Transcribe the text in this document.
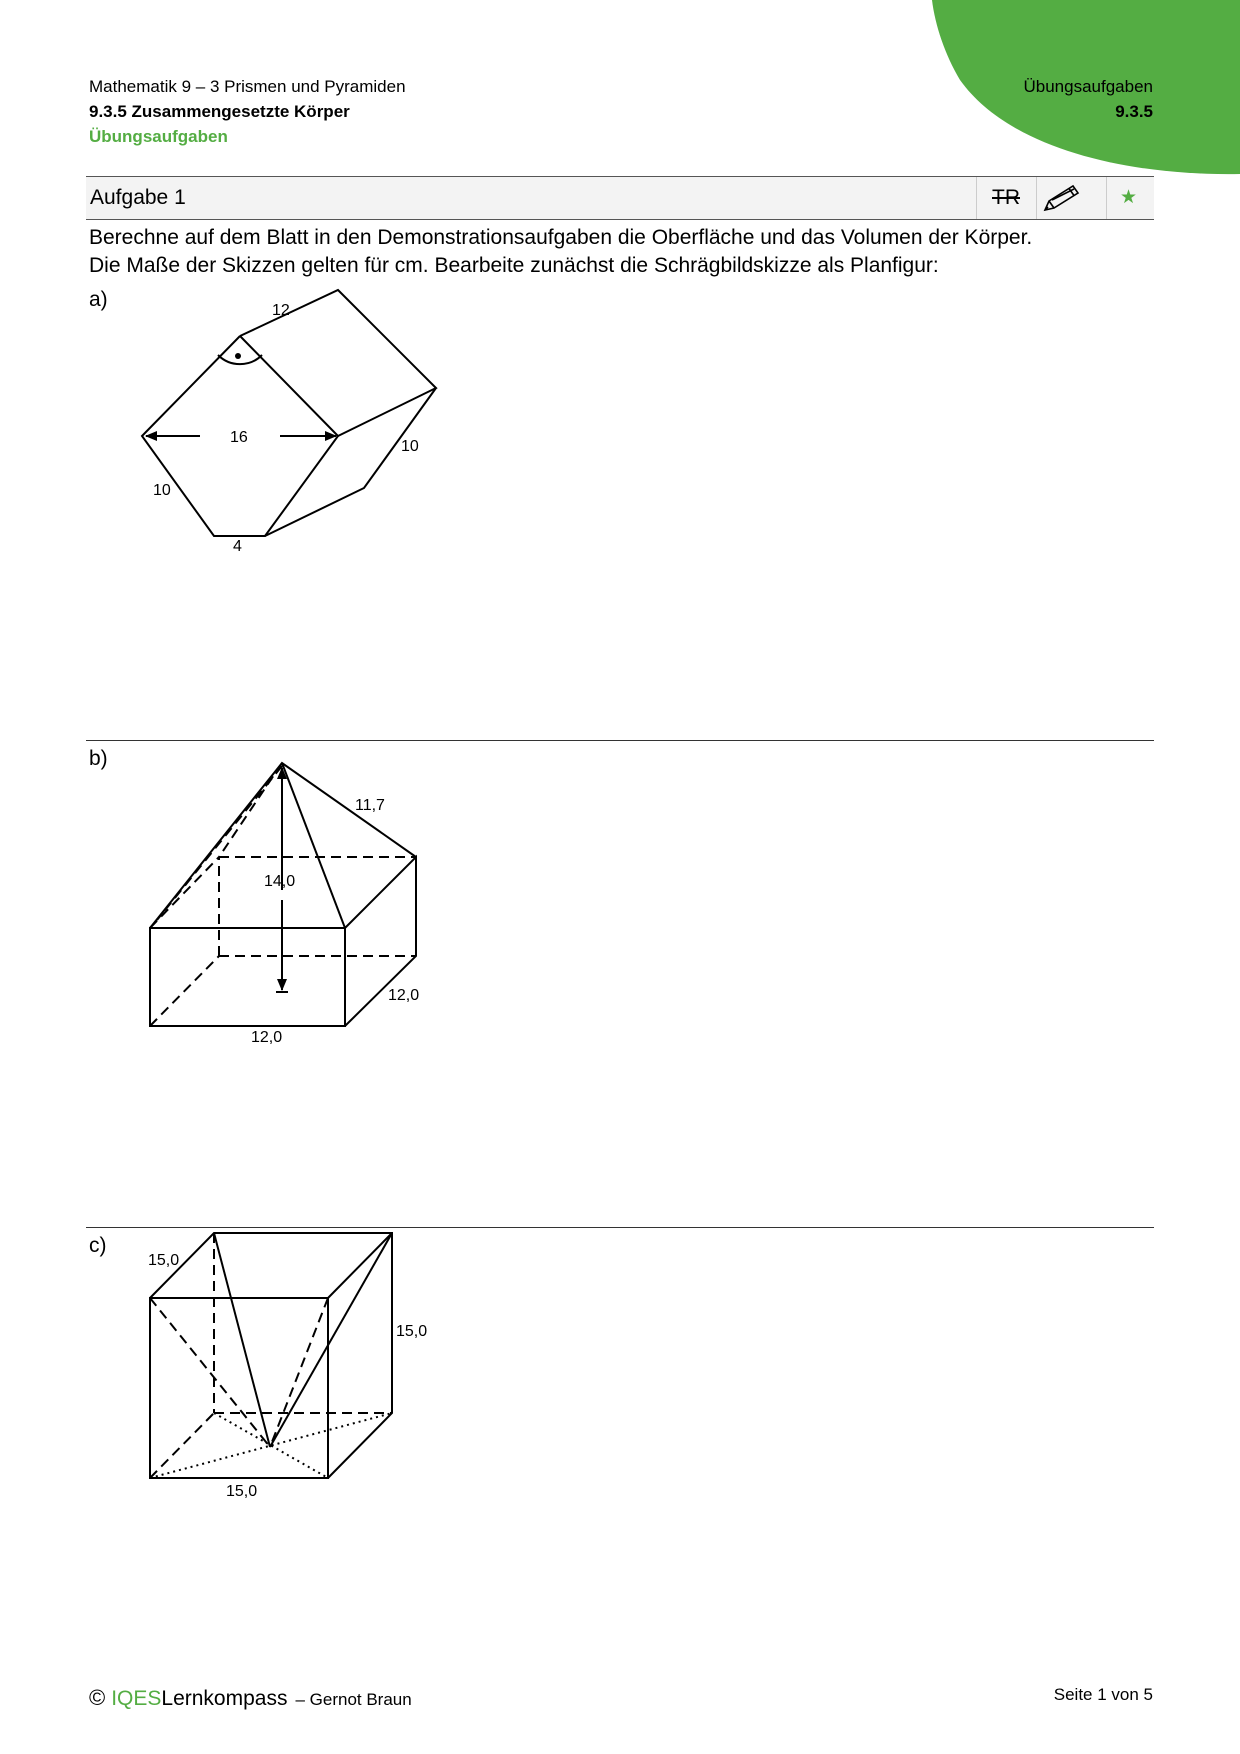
Mathematik 9 – 3 Prismen und Pyramiden
9.3.5 Zusammengesetzte Körper
Übungsaufgaben
Übungsaufgaben
9.3.5
Aufgabe 1	TR	★
Berechne auf dem Blatt in den Demonstrationsaufgaben die Oberfläche und das Volumen der Körper.
Die Maße der Skizzen gelten für cm. Bearbeite zunächst die Schrägbildskizze als Planfigur:
a)
b)
c)
12
16
10
10
4
11,7
14,0
12,0
12,0
15,0
15,0
15,0
© IQES Lernkompass – Gernot Braun	Seite 1 von 5
